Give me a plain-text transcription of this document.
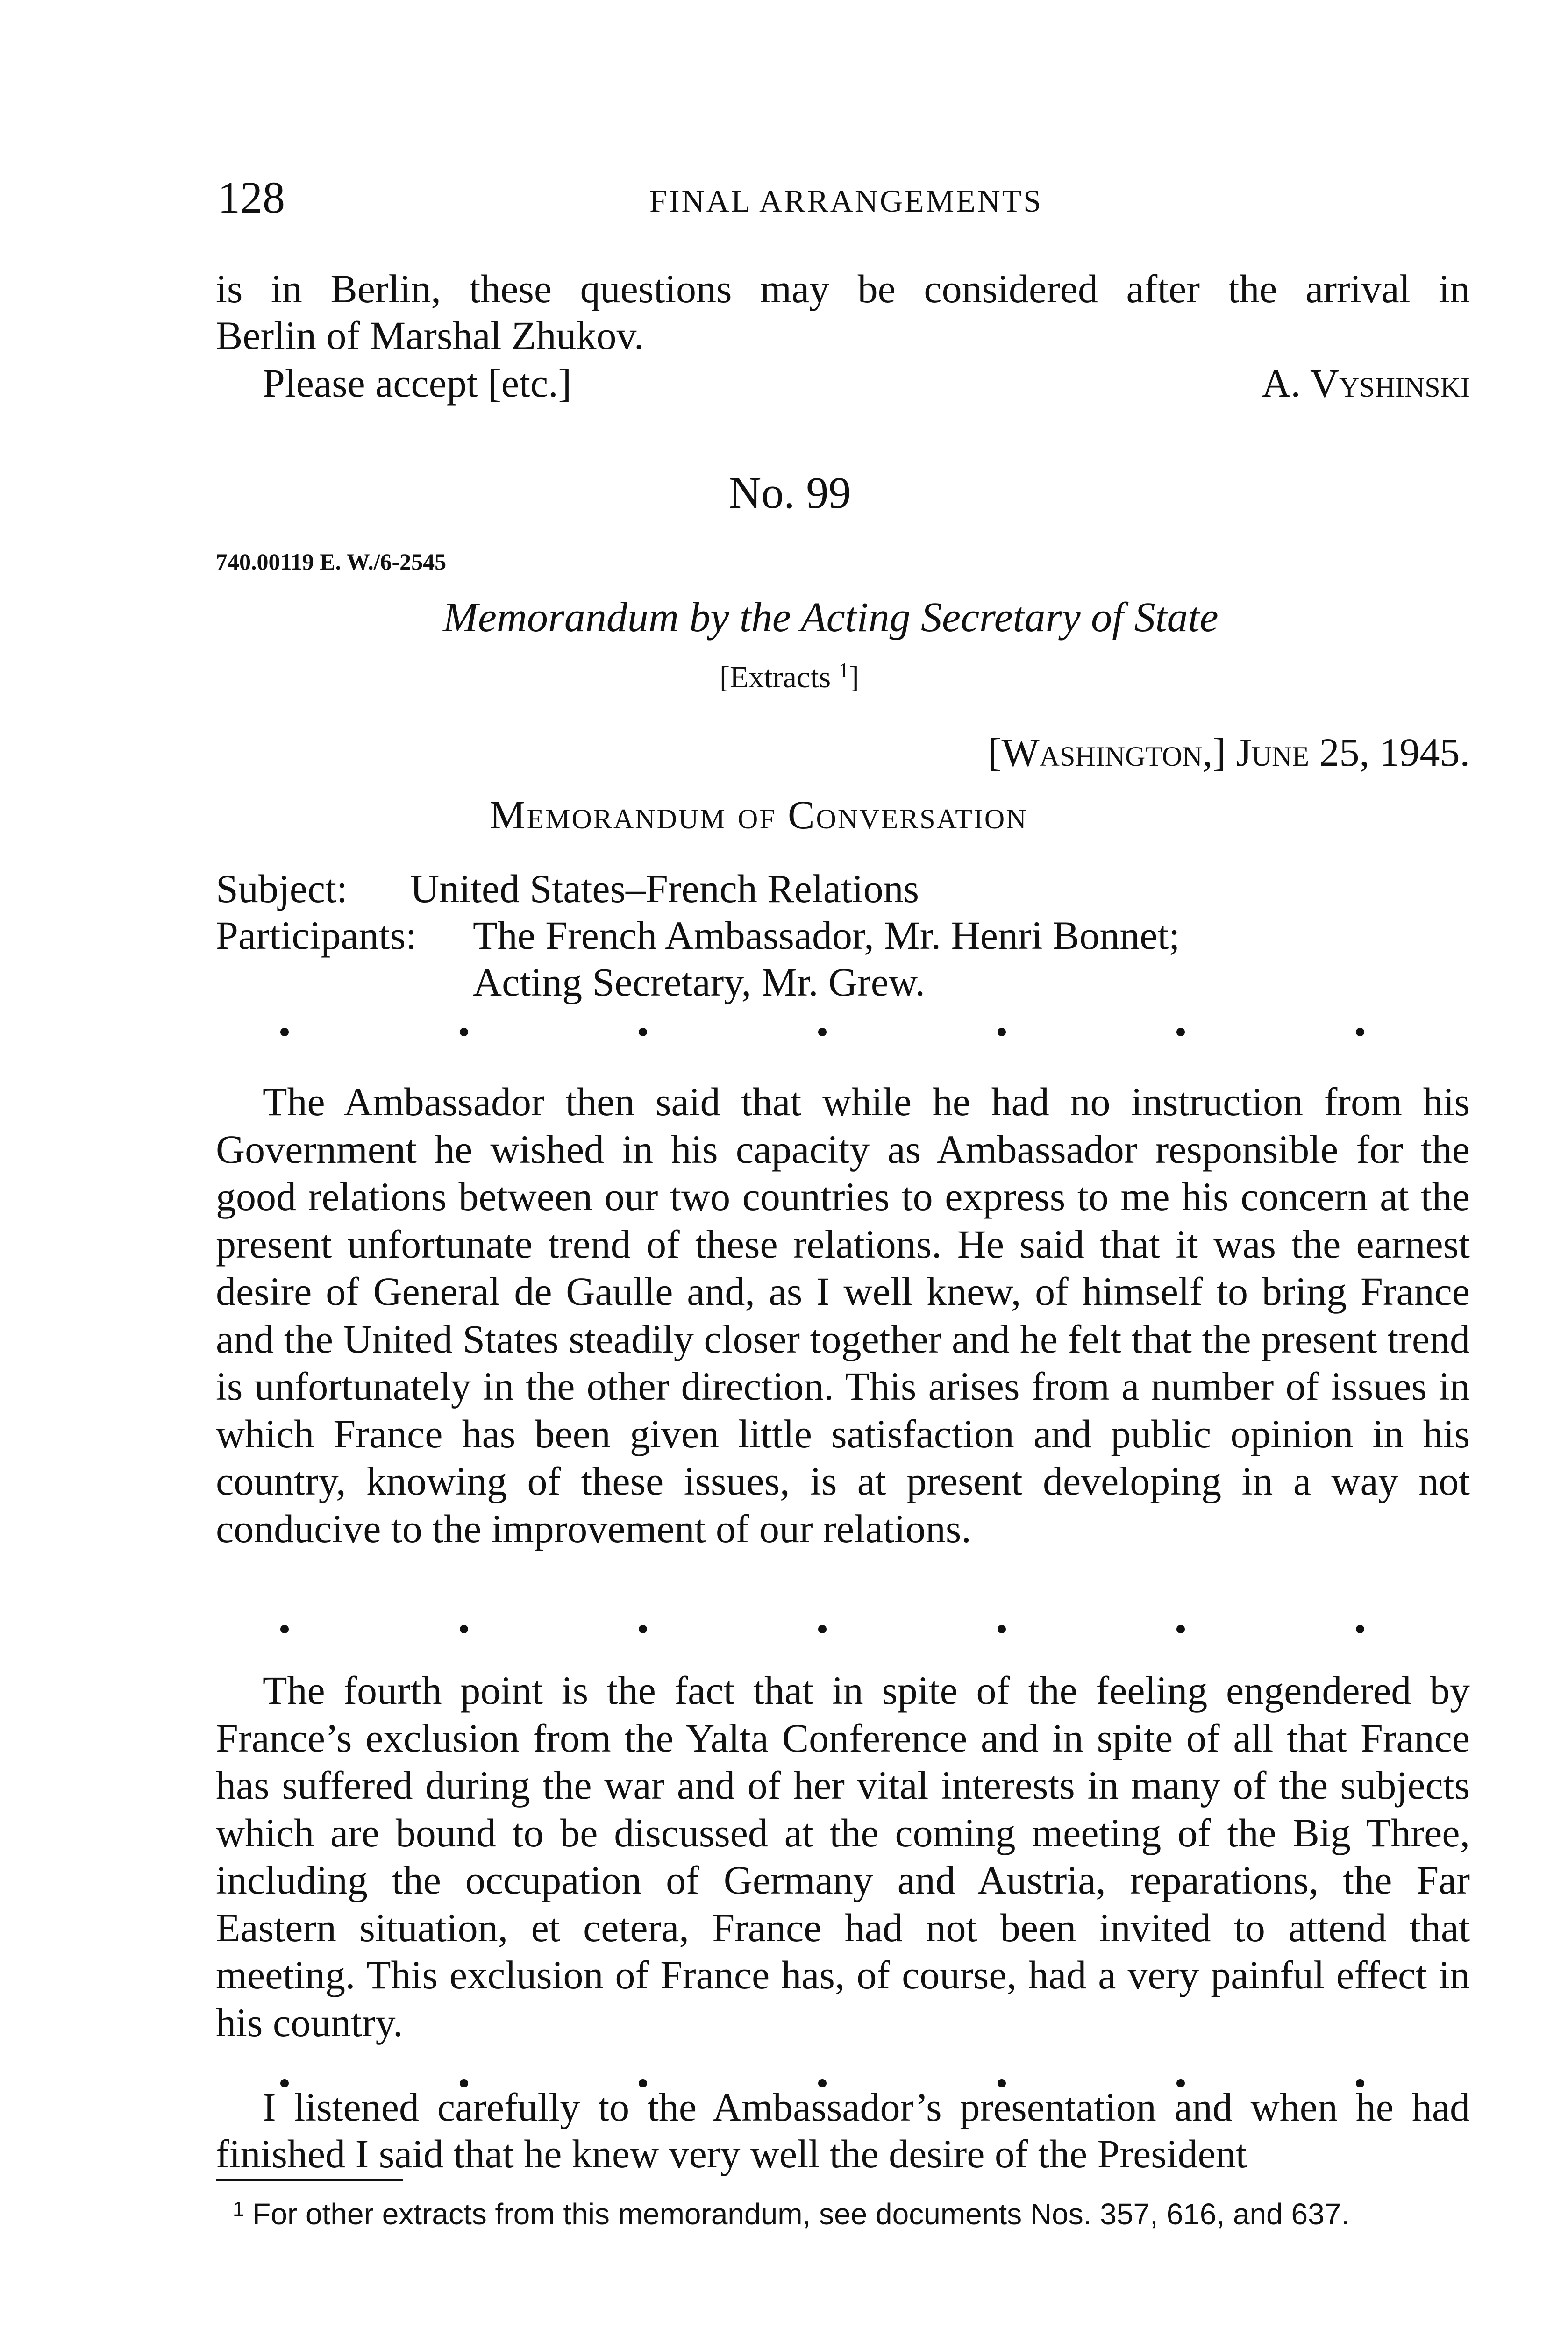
128	FINAL ARRANGEMENTS
is in Berlin, these questions may be considered after the arrival in
Berlin of Marshal Zhukov.
Please accept [etc.]	A. Vyshinski
No. 99
740.00119 E. W./6-2545
Memorandum by the Acting Secretary of State
[Extracts $^1$]
[Washington,] June 25, 1945.
Memorandum of Conversation
Subject: United States–French Relations
Participants: The French Ambassador, Mr. Henri Bonnet;
Acting Secretary, Mr. Grew.
The Ambassador then said that while he had no instruction from his Government he wished in his capacity as Ambassador responsible for the good relations between our two countries to express to me his concern at the present unfortunate trend of these relations. He said that it was the earnest desire of General de Gaulle and, as I well knew, of himself to bring France and the United States steadily closer together and he felt that the present trend is unfortunately in the other direction. This arises from a number of issues in which France has been given little satisfaction and public opinion in his country, knowing of these issues, is at present developing in a way not conducive to the improvement of our relations.
The fourth point is the fact that in spite of the feeling engendered by France’s exclusion from the Yalta Conference and in spite of all that France has suffered during the war and of her vital interests in many of the subjects which are bound to be discussed at the coming meeting of the Big Three, including the occupation of Germany and Austria, reparations, the Far Eastern situation, et cetera, France had not been invited to attend that meeting. This exclusion of France has, of course, had a very painful effect in his country.
I listened carefully to the Ambassador’s presentation and when he had finished I said that he knew very well the desire of the President
$^1$ For other extracts from this memorandum, see documents Nos. 357, 616, and 637.
